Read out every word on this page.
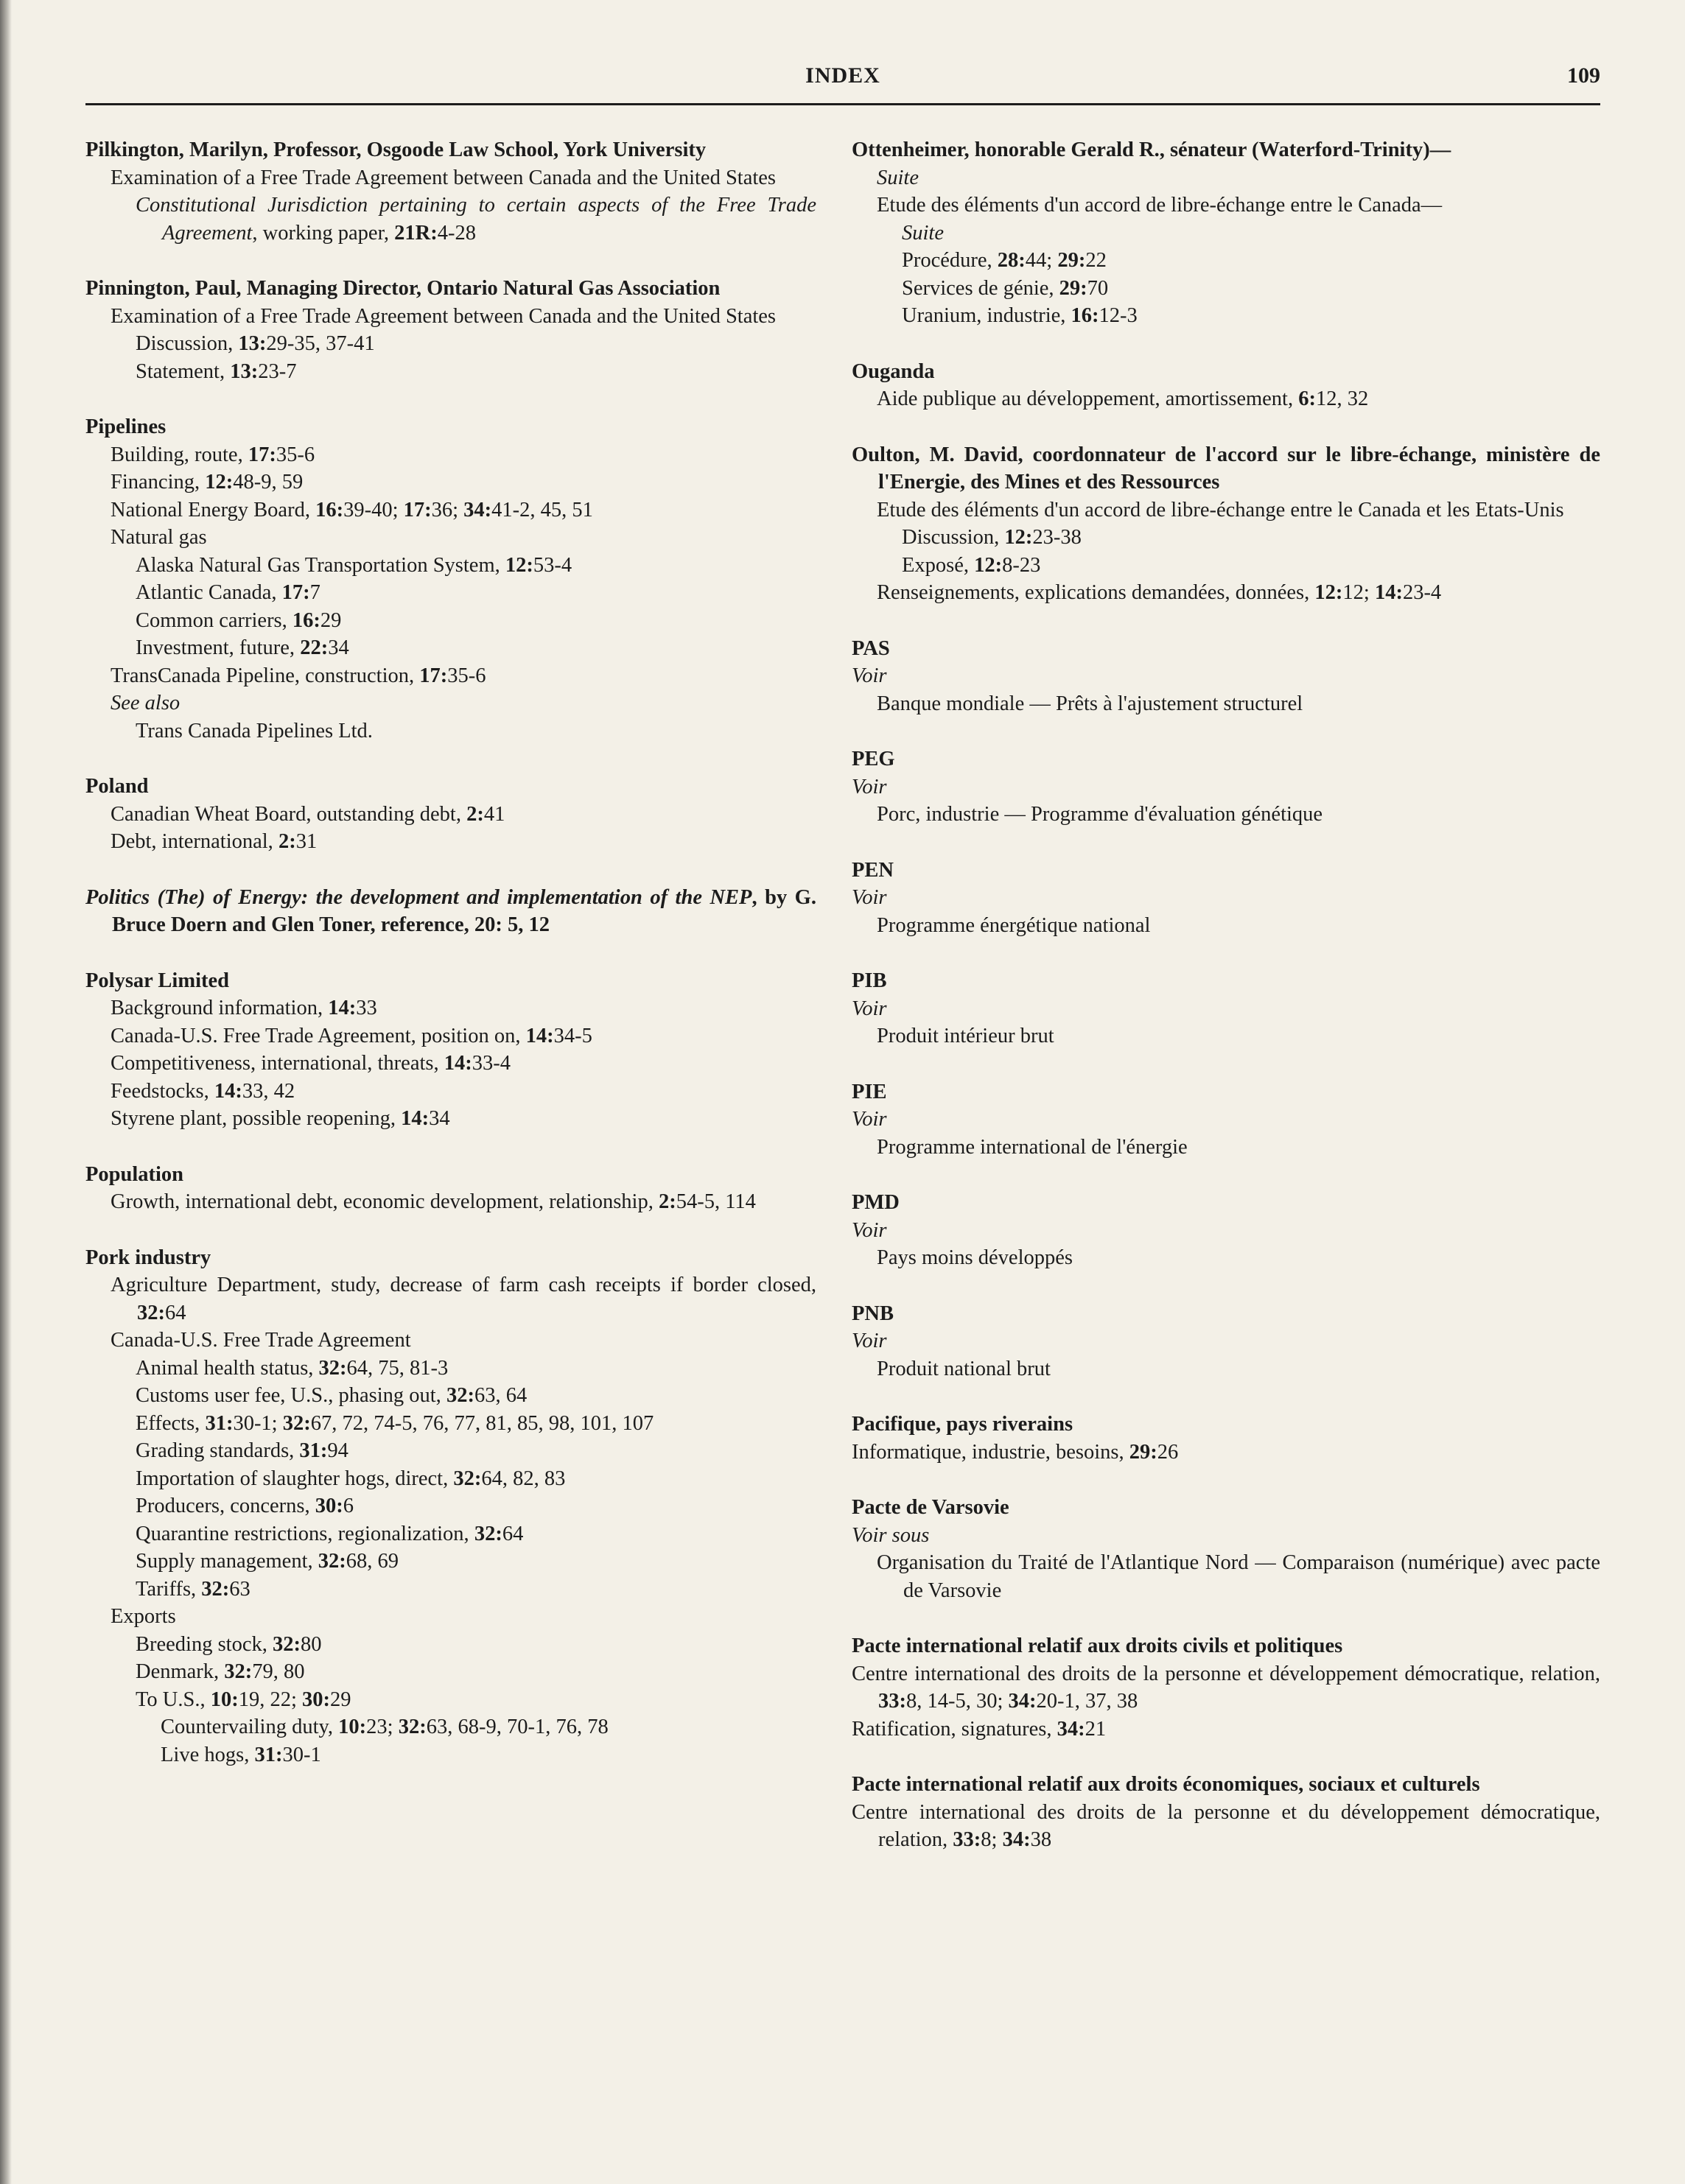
INDEX	109
Pilkington, Marilyn, Professor, Osgoode Law School, York University
Examination of a Free Trade Agreement between Canada and the United States
Constitutional Jurisdiction pertaining to certain aspects of the Free Trade Agreement, working paper, 21R:4-28
Pinnington, Paul, Managing Director, Ontario Natural Gas Association
Examination of a Free Trade Agreement between Canada and the United States
Discussion, 13:29-35, 37-41
Statement, 13:23-7
Pipelines
Building, route, 17:35-6
Financing, 12:48-9, 59
National Energy Board, 16:39-40; 17:36; 34:41-2, 45, 51
Natural gas
Alaska Natural Gas Transportation System, 12:53-4
Atlantic Canada, 17:7
Common carriers, 16:29
Investment, future, 22:34
TransCanada Pipeline, construction, 17:35-6
See also
Trans Canada Pipelines Ltd.
Poland
Canadian Wheat Board, outstanding debt, 2:41
Debt, international, 2:31
Politics (The) of Energy: the development and implementation of the NEP, by G. Bruce Doern and Glen Toner, reference, 20: 5, 12
Polysar Limited
Background information, 14:33
Canada-U.S. Free Trade Agreement, position on, 14:34-5
Competitiveness, international, threats, 14:33-4
Feedstocks, 14:33, 42
Styrene plant, possible reopening, 14:34
Population
Growth, international debt, economic development, relationship, 2:54-5, 114
Pork industry
Agriculture Department, study, decrease of farm cash receipts if border closed, 32:64
Canada-U.S. Free Trade Agreement
Animal health status, 32:64, 75, 81-3
Customs user fee, U.S., phasing out, 32:63, 64
Effects, 31:30-1; 32:67, 72, 74-5, 76, 77, 81, 85, 98, 101, 107
Grading standards, 31:94
Importation of slaughter hogs, direct, 32:64, 82, 83
Producers, concerns, 30:6
Quarantine restrictions, regionalization, 32:64
Supply management, 32:68, 69
Tariffs, 32:63
Exports
Breeding stock, 32:80
Denmark, 32:79, 80
To U.S., 10:19, 22; 30:29
Countervailing duty, 10:23; 32:63, 68-9, 70-1, 76, 78
Live hogs, 31:30-1
Ottenheimer, honorable Gerald R., sénateur (Waterford-Trinity)—
Suite
Etude des éléments d'un accord de libre-échange entre le Canada—
Suite
Procédure, 28:44; 29:22
Services de génie, 29:70
Uranium, industrie, 16:12-3
Ouganda
Aide publique au développement, amortissement, 6:12, 32
Oulton, M. David, coordonnateur de l'accord sur le libre-échange, ministère de l'Energie, des Mines et des Ressources
Etude des éléments d'un accord de libre-échange entre le Canada et les Etats-Unis
Discussion, 12:23-38
Exposé, 12:8-23
Renseignements, explications demandées, données, 12:12; 14:23-4
PAS
Voir
Banque mondiale — Prêts à l'ajustement structurel
PEG
Voir
Porc, industrie — Programme d'évaluation génétique
PEN
Voir
Programme énergétique national
PIB
Voir
Produit intérieur brut
PIE
Voir
Programme international de l'énergie
PMD
Voir
Pays moins développés
PNB
Voir
Produit national brut
Pacifique, pays riverains
Informatique, industrie, besoins, 29:26
Pacte de Varsovie
Voir sous
Organisation du Traité de l'Atlantique Nord — Comparaison (numérique) avec pacte de Varsovie
Pacte international relatif aux droits civils et politiques
Centre international des droits de la personne et développement démocratique, relation, 33:8, 14-5, 30; 34:20-1, 37, 38
Ratification, signatures, 34:21
Pacte international relatif aux droits économiques, sociaux et culturels
Centre international des droits de la personne et du développement démocratique, relation, 33:8; 34:38
